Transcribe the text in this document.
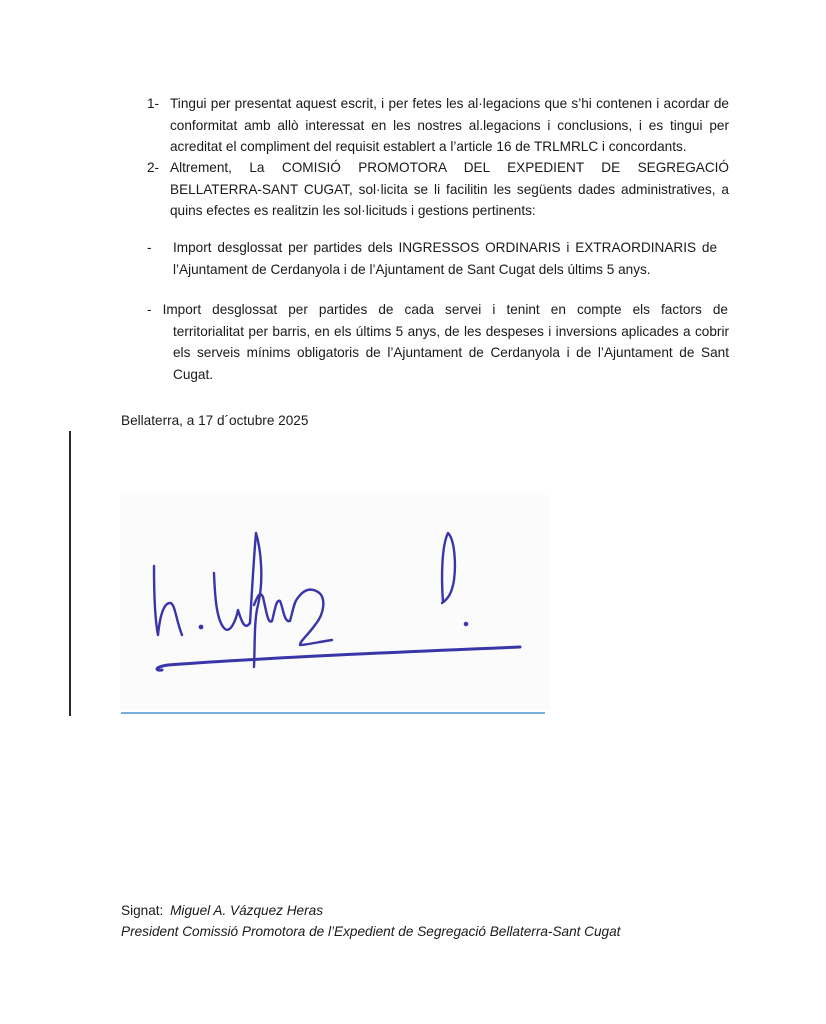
1- Tingui per presentat aquest escrit, i per fetes les al·legacions que s’hi contenen i acordar de conformitat amb allò interessat en les nostres al.legacions i conclusions, i es tingui per acreditat el compliment del requisit establert a l’article 16 de TRLMRLC i concordants.
2- Altrement, La COMISIÓ PROMOTORA DEL EXPEDIENT DE SEGREGACIÓ BELLATERRA-SANT CUGAT, sol·licita se li facilitin les següents dades administratives, a quins efectes es realitzin les sol·licituds i gestions pertinents:
- Import desglossat per partides dels INGRESSOS ORDINARIS i EXTRAORDINARIS de l’Ajuntament de Cerdanyola i de l’Ajuntament de Sant Cugat dels últims 5 anys.
- Import desglossat per partides de cada servei i tenint en compte els factors de
territorialitat per barris, en els últims 5 anys, de les despeses i inversions aplicades a cobrir els serveis mínims obligatoris de l’Ajuntament de Cerdanyola i de l’Ajuntament de Sant Cugat.
Bellaterra, a 17 d´octubre 2025
Signat: Miguel A. Vázquez Heras
President Comissió Promotora de l’Expedient de Segregació Bellaterra-Sant Cugat
